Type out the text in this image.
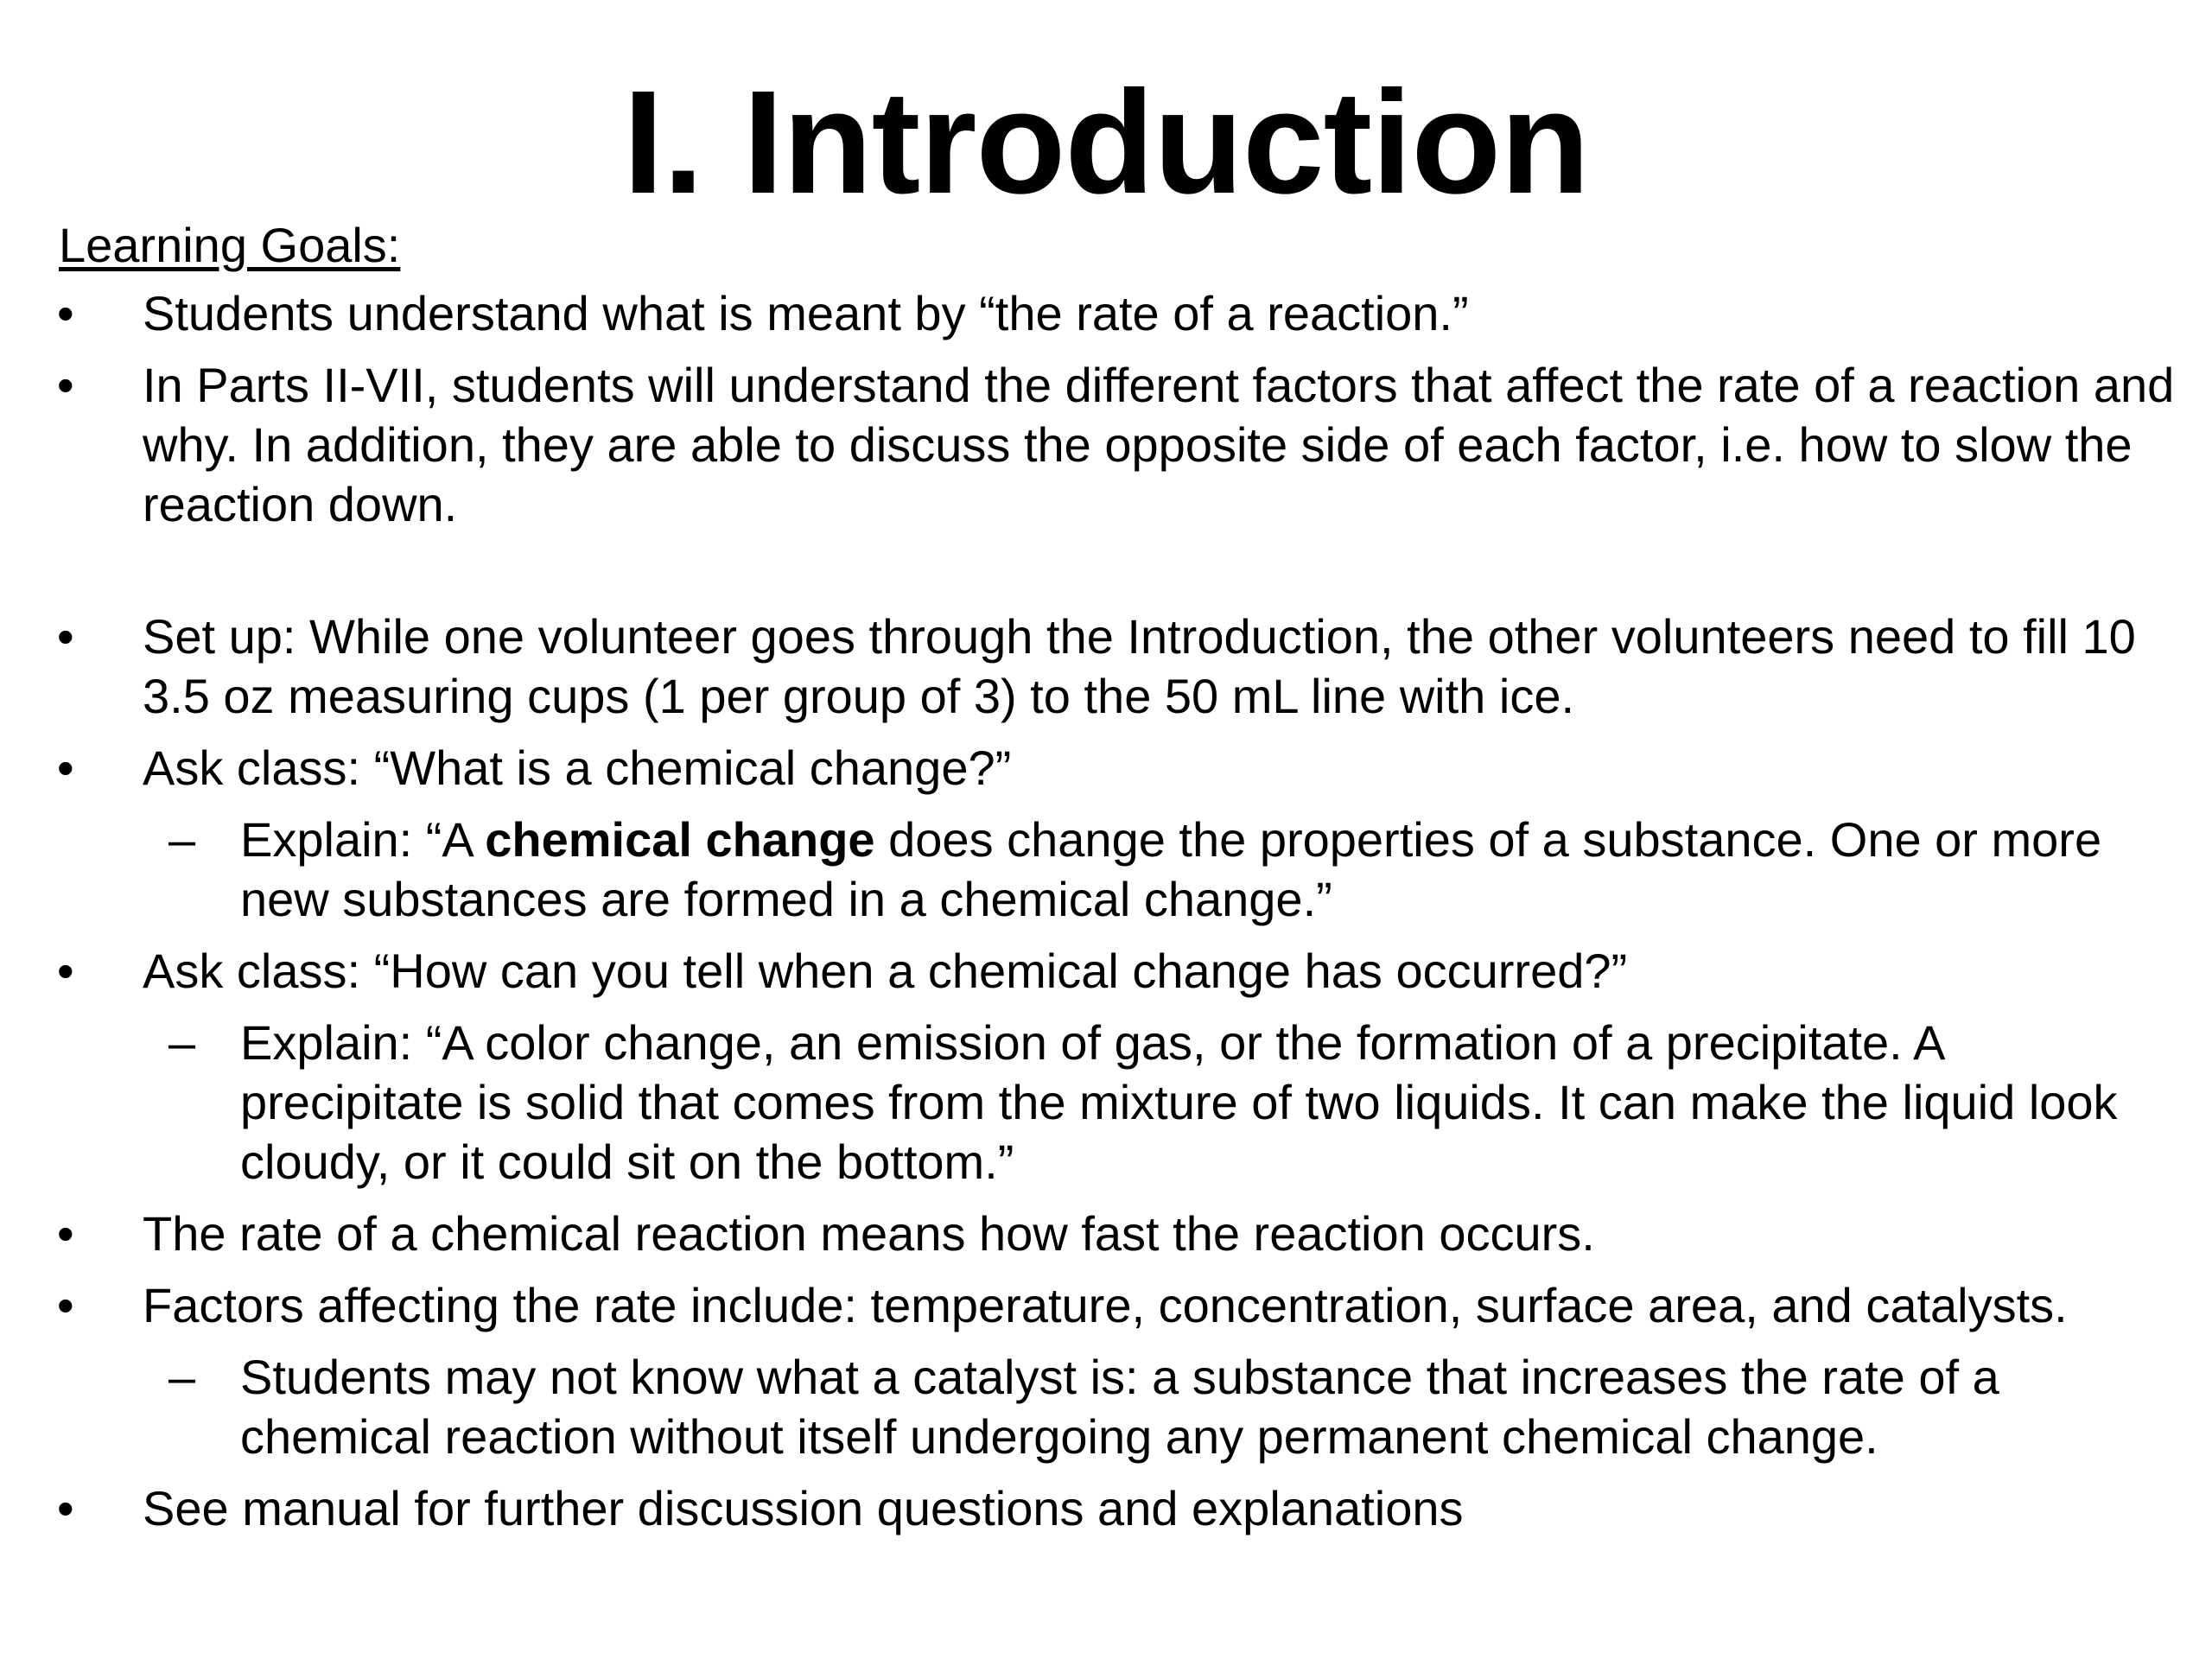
I. Introduction
Learning Goals:
• Students understand what is meant by “the rate of a reaction.”
• In Parts II-VII, students will understand the different factors that affect the rate of a reaction and why. In addition, they are able to discuss the opposite side of each factor, i.e. how to slow the reaction down.
• Set up: While one volunteer goes through the Introduction, the other volunteers need to fill 10 3.5 oz measuring cups (1 per group of 3) to the 50 mL line with ice.
• Ask class: “What is a chemical change?”
– Explain: “A chemical change does change the properties of a substance. One or more new substances are formed in a chemical change.”
• Ask class: “How can you tell when a chemical change has occurred?”
– Explain: “A color change, an emission of gas, or the formation of a precipitate. A precipitate is solid that comes from the mixture of two liquids. It can make the liquid look cloudy, or it could sit on the bottom.”
• The rate of a chemical reaction means how fast the reaction occurs.
• Factors affecting the rate include: temperature, concentration, surface area, and catalysts.
– Students may not know what a catalyst is: a substance that increases the rate of a chemical reaction without itself undergoing any permanent chemical change.
• See manual for further discussion questions and explanations
